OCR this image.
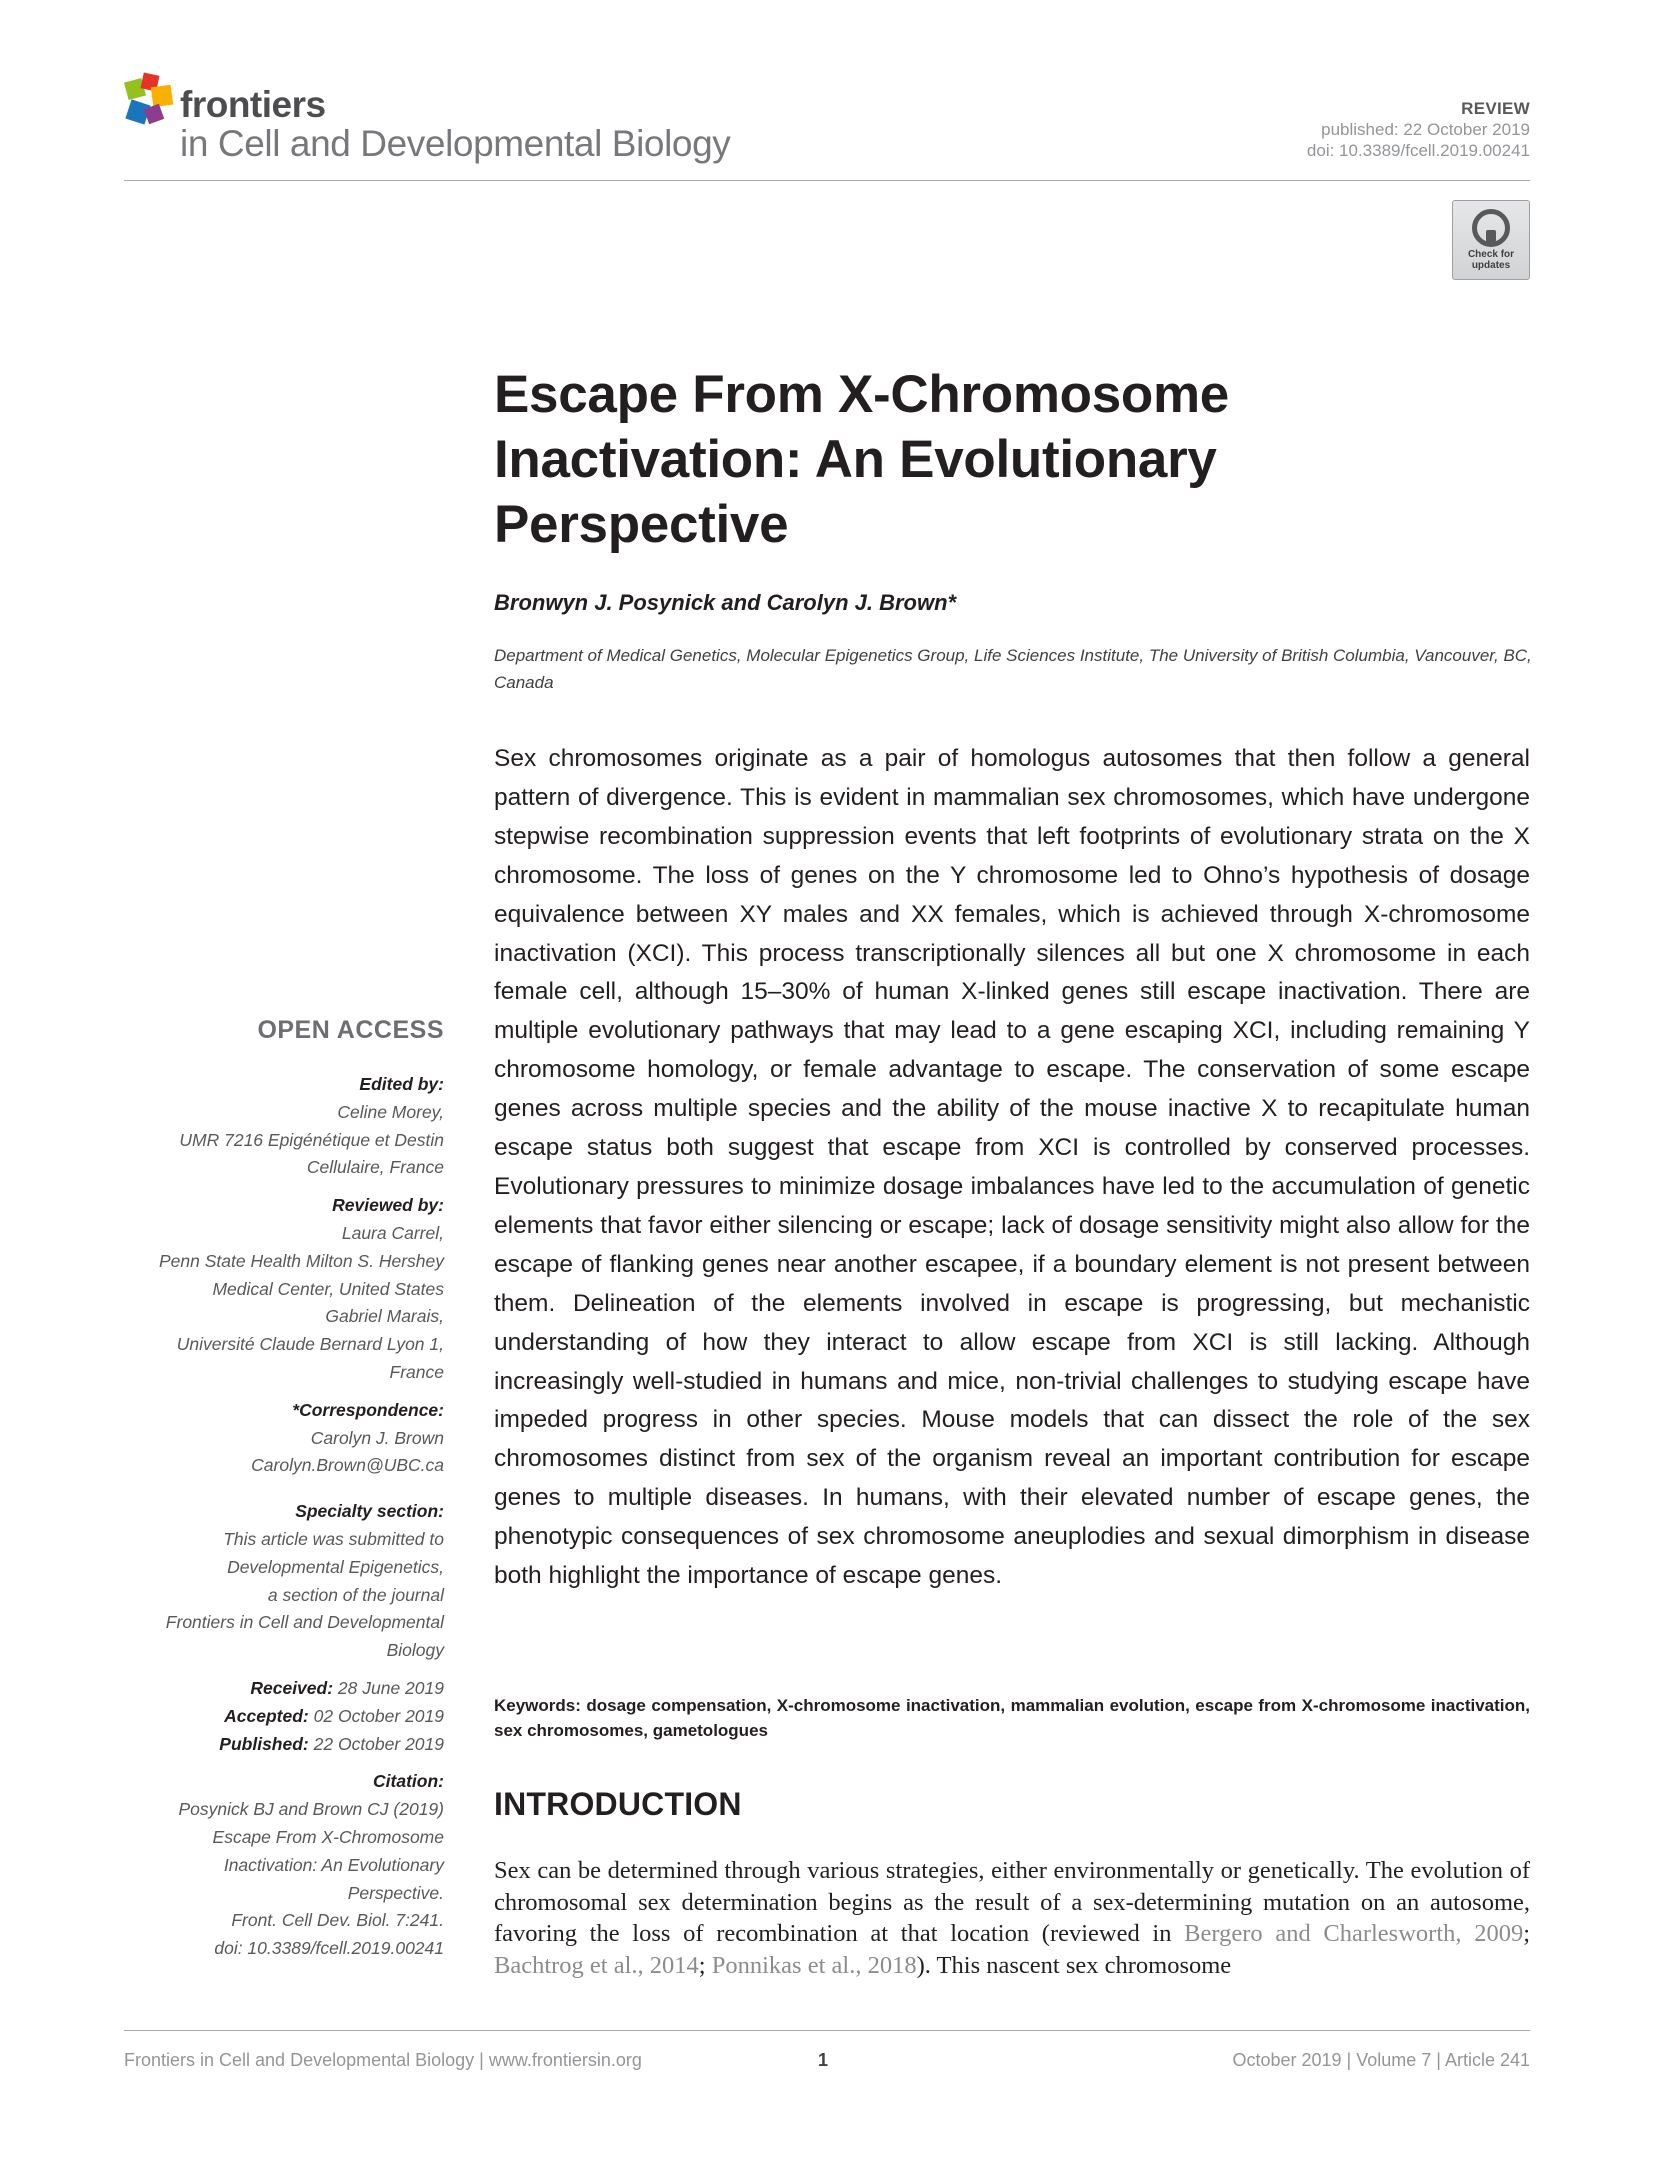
frontiers
in Cell and Developmental Biology
REVIEW
published: 22 October 2019
doi: 10.3389/fcell.2019.00241
Check for updates
Escape From X-Chromosome
Inactivation: An Evolutionary
Perspective
Bronwyn J. Posynick and Carolyn J. Brown*
Department of Medical Genetics, Molecular Epigenetics Group, Life Sciences Institute, The University of British Columbia, Vancouver, BC, Canada
Sex chromosomes originate as a pair of homologus autosomes that then follow a general pattern of divergence. This is evident in mammalian sex chromosomes, which have undergone stepwise recombination suppression events that left footprints of evolutionary strata on the X chromosome. The loss of genes on the Y chromosome led to Ohno’s hypothesis of dosage equivalence between XY males and XX females, which is achieved through X-chromosome inactivation (XCI). This process transcriptionally silences all but one X chromosome in each female cell, although 15–30% of human X-linked genes still escape inactivation. There are multiple evolutionary pathways that may lead to a gene escaping XCI, including remaining Y chromosome homology, or female advantage to escape. The conservation of some escape genes across multiple species and the ability of the mouse inactive X to recapitulate human escape status both suggest that escape from XCI is controlled by conserved processes. Evolutionary pressures to minimize dosage imbalances have led to the accumulation of genetic elements that favor either silencing or escape; lack of dosage sensitivity might also allow for the escape of flanking genes near another escapee, if a boundary element is not present between them. Delineation of the elements involved in escape is progressing, but mechanistic understanding of how they interact to allow escape from XCI is still lacking. Although increasingly well-studied in humans and mice, non-trivial challenges to studying escape have impeded progress in other species. Mouse models that can dissect the role of the sex chromosomes distinct from sex of the organism reveal an important contribution for escape genes to multiple diseases. In humans, with their elevated number of escape genes, the phenotypic consequences of sex chromosome aneuplodies and sexual dimorphism in disease both highlight the importance of escape genes.
Keywords: dosage compensation, X-chromosome inactivation, mammalian evolution, escape from X-chromosome inactivation, sex chromosomes, gametologues
OPEN ACCESS
Edited by:
Celine Morey,
UMR 7216 Epigénétique et Destin
Cellulaire, France
Reviewed by:
Laura Carrel,
Penn State Health Milton S. Hershey
Medical Center, United States
Gabriel Marais,
Université Claude Bernard Lyon 1,
France
*Correspondence:
Carolyn J. Brown
Carolyn.Brown@UBC.ca
Specialty section:
This article was submitted to
Developmental Epigenetics,
a section of the journal
Frontiers in Cell and Developmental
Biology
Received: 28 June 2019
Accepted: 02 October 2019
Published: 22 October 2019
Citation:
Posynick BJ and Brown CJ (2019)
Escape From X-Chromosome
Inactivation: An Evolutionary
Perspective.
Front. Cell Dev. Biol. 7:241.
doi: 10.3389/fcell.2019.00241
INTRODUCTION
Sex can be determined through various strategies, either environmentally or genetically. The evolution of chromosomal sex determination begins as the result of a sex-determining mutation on an autosome, favoring the loss of recombination at that location (reviewed in Bergero and Charlesworth, 2009; Bachtrog et al., 2014; Ponnikas et al., 2018). This nascent sex chromosome
Frontiers in Cell and Developmental Biology | www.frontiersin.org	1	October 2019 | Volume 7 | Article 241
